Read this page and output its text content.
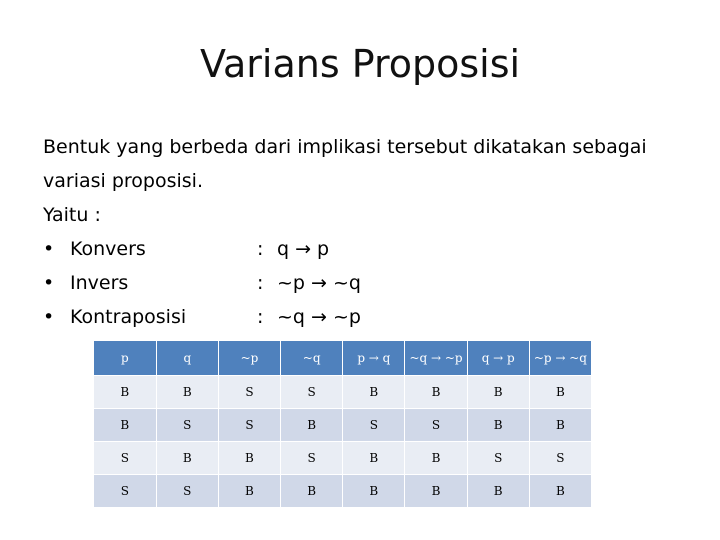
Varians Proposisi
Bentuk yang berbeda dari implikasi tersebut dikatakan sebagai
variasi proposisi.
Yaitu :
• Konvers	: q → p
• Invers	: ~p → ~q
• Kontraposisi	: ~q → ~p
p	q	~p	~q	p → q	~q → ~p	q → p	~p → ~q
B	B	S	S	B	B	B	B
B	S	S	B	S	S	B	B
S	B	B	S	B	B	S	S
S	S	B	B	B	B	B	B
